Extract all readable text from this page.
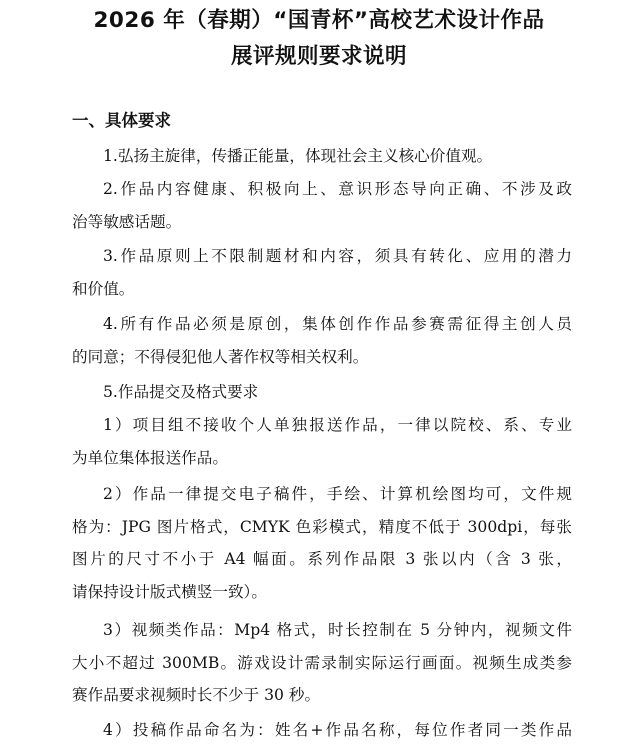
2026 年（春期）“国青杯”高校艺术设计作品
展评规则要求说明
一、具体要求
1.弘扬主旋律，传播正能量，体现社会主义核心价值观。
2.作品内容健康、积极向上、意识形态导向正确、不涉及政
治等敏感话题。
3.作品原则上不限制题材和内容，须具有转化、应用的潜力
和价值。
4.所有作品必须是原创，集体创作作品参赛需征得主创人员
的同意；不得侵犯他人著作权等相关权利。
5.作品提交及格式要求
1）项目组不接收个人单独报送作品，一律以院校、系、专业
为单位集体报送作品。
2）作品一律提交电子稿件，手绘、计算机绘图均可，文件规
格为：JPG 图片格式，CMYK 色彩模式，精度不低于 300dpi，每张
图片的尺寸不小于 A4 幅面。系列作品限 3 张以内（含 3 张，
请保持设计版式横竖一致）。
3）视频类作品：Mp4 格式，时长控制在 5 分钟内，视频文件
大小不超过 300MB。游戏设计需录制实际运行画面。视频生成类参
赛作品要求视频时长不少于 30 秒。
4）投稿作品命名为：姓名+作品名称，每位作者同一类作品
